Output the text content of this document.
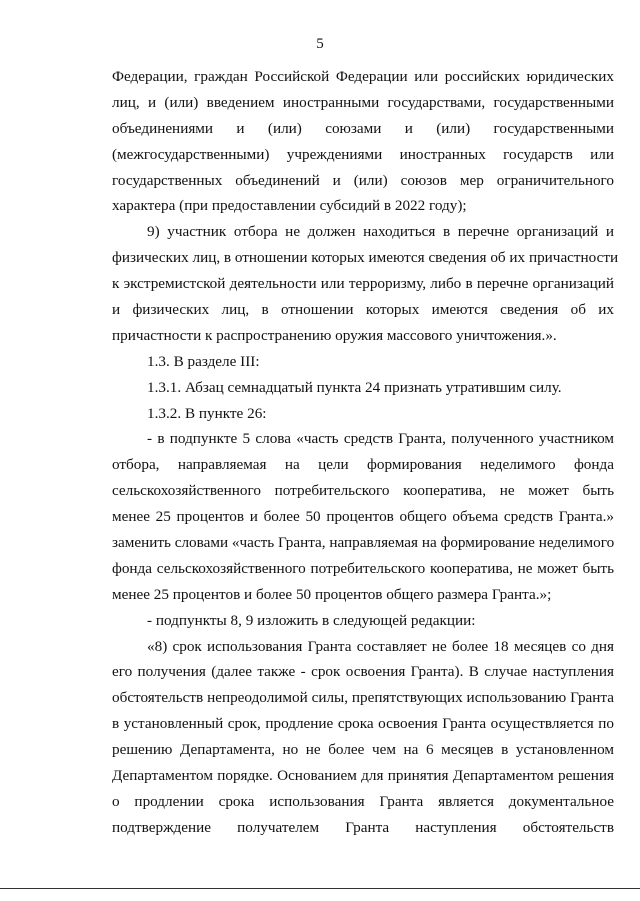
5
Федерации, граждан Российской Федерации или российских юридических
лиц, и (или) введением иностранными государствами, государственными
объединениями и (или) союзами и (или) государственными
(межгосударственными) учреждениями иностранных государств или
государственных объединений и (или) союзов мер ограничительного
характера (при предоставлении субсидий в 2022 году);
9) участник отбора не должен находиться в перечне организаций и
физических лиц, в отношении которых имеются сведения об их причастности
к экстремистской деятельности или терроризму, либо в перечне организаций
и физических лиц, в отношении которых имеются сведения об их
причастности к распространению оружия массового уничтожения.».
1.3. В разделе III:
1.3.1. Абзац семнадцатый пункта 24 признать утратившим силу.
1.3.2. В пункте 26:
- в подпункте 5 слова «часть средств Гранта, полученного участником
отбора, направляемая на цели формирования неделимого фонда
сельскохозяйственного потребительского кооператива, не может быть
менее 25 процентов и более 50 процентов общего объема средств Гранта.»
заменить словами «часть Гранта, направляемая на формирование неделимого
фонда сельскохозяйственного потребительского кооператива, не может быть
менее 25 процентов и более 50 процентов общего размера Гранта.»;
- подпункты 8, 9 изложить в следующей редакции:
«8) срок использования Гранта составляет не более 18 месяцев со дня
его получения (далее также - срок освоения Гранта). В случае наступления
обстоятельств непреодолимой силы, препятствующих использованию Гранта
в установленный срок, продление срока освоения Гранта осуществляется по
решению Департамента, но не более чем на 6 месяцев в установленном
Департаментом порядке. Основанием для принятия Департаментом решения
о продлении срока использования Гранта является документальное
подтверждение получателем Гранта наступления обстоятельств
